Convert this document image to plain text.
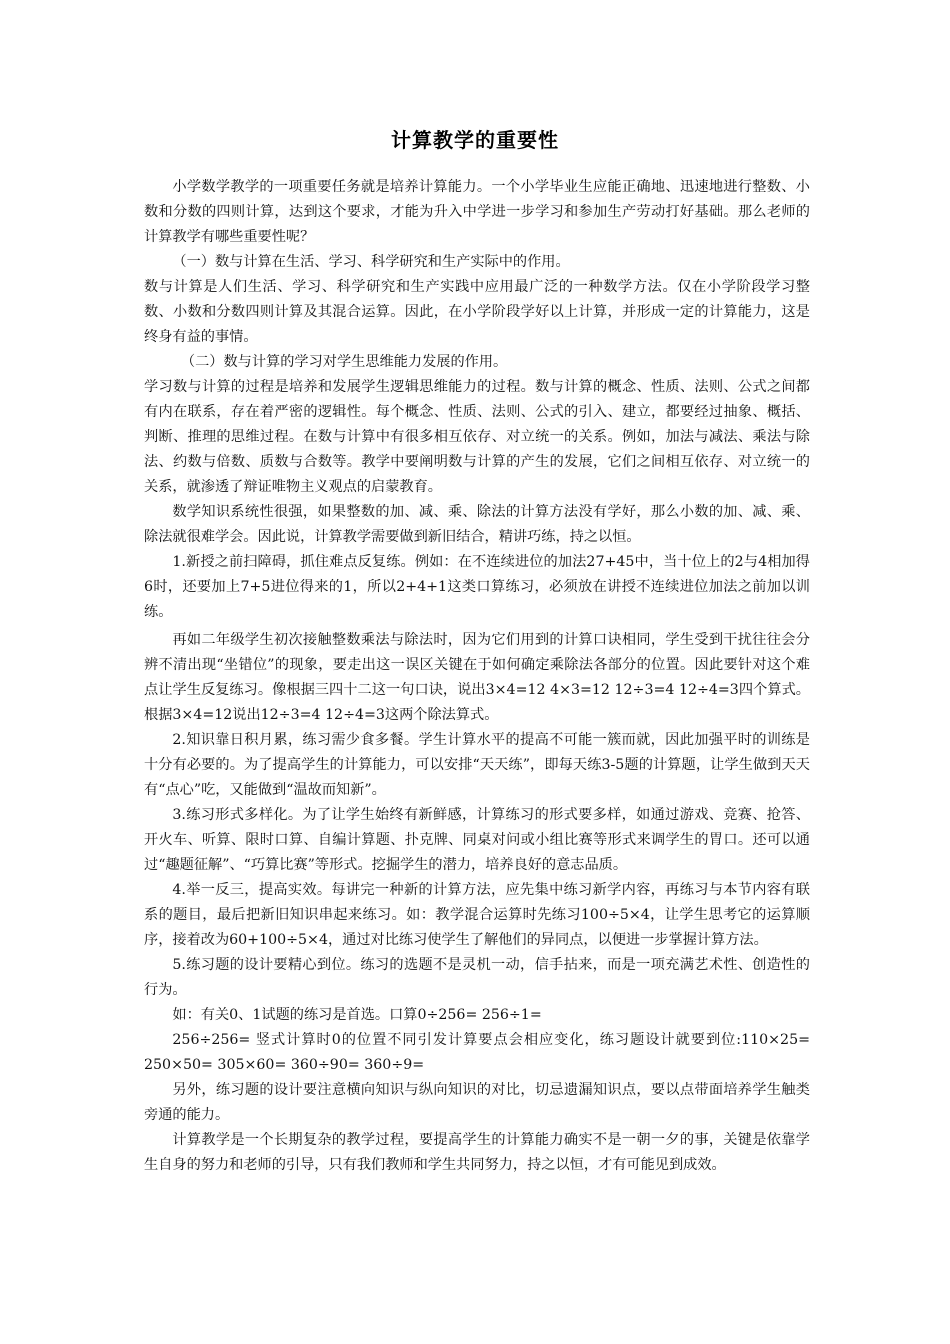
计算教学的重要性

小学数学教学的一项重要任务就是培养计算能力。一个小学毕业生应能正确地、迅速地进行整数、小数和分数的四则计算，达到这个要求，才能为升入中学进一步学习和参加生产劳动打好基础。那么老师的计算教学有哪些重要性呢？

（一）数与计算在生活、学习、科学研究和生产实际中的作用。

数与计算是人们生活、学习、科学研究和生产实践中应用最广泛的一种数学方法。仅在小学阶段学习整数、小数和分数四则计算及其混合运算。因此，在小学阶段学好以上计算，并形成一定的计算能力，这是终身有益的事情。

（二）数与计算的学习对学生思维能力发展的作用。

学习数与计算的过程是培养和发展学生逻辑思维能力的过程。数与计算的概念、性质、法则、公式之间都有内在联系，存在着严密的逻辑性。每个概念、性质、法则、公式的引入、建立，都要经过抽象、概括、判断、推理的思维过程。在数与计算中有很多相互依存、对立统一的关系。例如，加法与减法、乘法与除法、约数与倍数、质数与合数等。教学中要阐明数与计算的产生的发展，它们之间相互依存、对立统一的关系，就渗透了辩证唯物主义观点的启蒙教育。

数学知识系统性很强，如果整数的加、减、乘、除法的计算方法没有学好，那么小数的加、减、乘、除法就很难学会。因此说，计算教学需要做到新旧结合，精讲巧练，持之以恒。

1.新授之前扫障碍，抓住难点反复练。例如：在不连续进位的加法27+45中，当十位上的2与4相加得6时，还要加上7+5进位得来的1，所以2+4+1这类口算练习，必须放在讲授不连续进位加法之前加以训练。

再如二年级学生初次接触整数乘法与除法时，因为它们用到的计算口诀相同，学生受到干扰往往会分辨不清出现“坐错位”的现象，要走出这一误区关键在于如何确定乘除法各部分的位置。因此要针对这个难点让学生反复练习。像根据三四十二这一句口诀，说出3×4=12 4×3=12 12÷3=4 12÷4=3四个算式。根据3×4=12说出12÷3=4 12÷4=3这两个除法算式。

2.知识靠日积月累，练习需少食多餐。学生计算水平的提高不可能一簇而就，因此加强平时的训练是十分有必要的。为了提高学生的计算能力，可以安排“天天练”，即每天练3-5题的计算题，让学生做到天天有“点心”吃，又能做到“温故而知新”。

3.练习形式多样化。为了让学生始终有新鲜感，计算练习的形式要多样，如通过游戏、竞赛、抢答、开火车、听算、限时口算、自编计算题、扑克牌、同桌对问或小组比赛等形式来调学生的胃口。还可以通过“趣题征解”、“巧算比赛”等形式。挖掘学生的潜力，培养良好的意志品质。

4.举一反三，提高实效。每讲完一种新的计算方法，应先集中练习新学内容，再练习与本节内容有联系的题目，最后把新旧知识串起来练习。如：教学混合运算时先练习100÷5×4，让学生思考它的运算顺序，接着改为60+100÷5×4，通过对比练习使学生了解他们的异同点，以便进一步掌握计算方法。

5.练习题的设计要精心到位。练习的选题不是灵机一动，信手拈来，而是一项充满艺术性、创造性的行为。

如：有关0、1试题的练习是首选。口算0÷256= 256÷1=

256÷256= 竖式计算时0的位置不同引发计算要点会相应变化，练习题设计就要到位:110×25= 250×50= 305×60= 360÷90= 360÷9=

另外，练习题的设计要注意横向知识与纵向知识的对比，切忌遗漏知识点，要以点带面培养学生触类旁通的能力。

计算教学是一个长期复杂的教学过程，要提高学生的计算能力确实不是一朝一夕的事，关键是依靠学生自身的努力和老师的引导，只有我们教师和学生共同努力，持之以恒，才有可能见到成效。
